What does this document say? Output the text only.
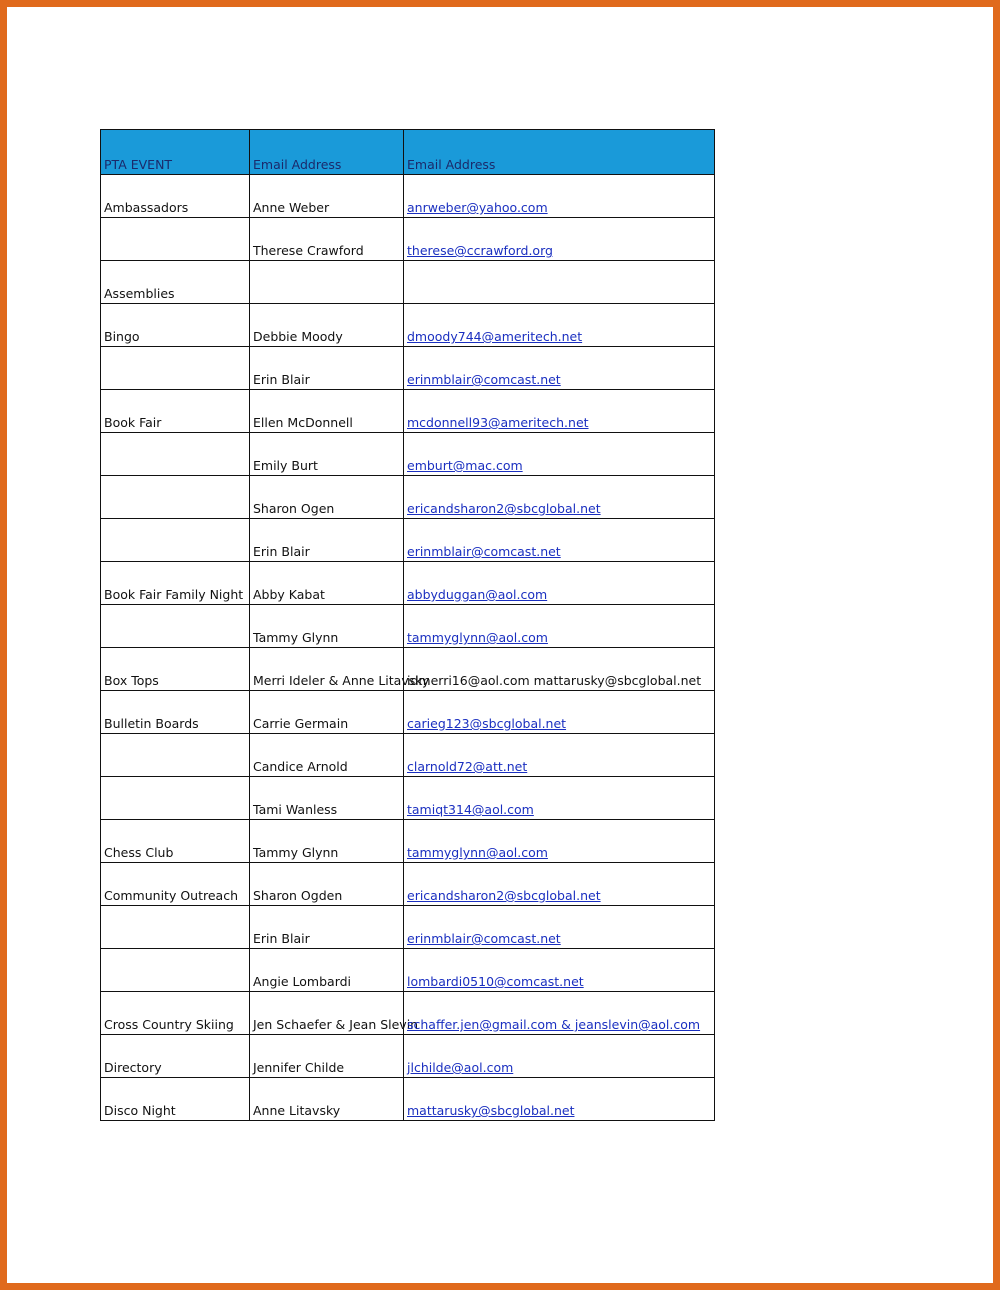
PTA EVENT	Email Address	Email Address
Ambassadors	Anne Weber	anrweber@yahoo.com
	Therese Crawford	therese@ccrawford.org
Assemblies		
Bingo	Debbie Moody	dmoody744@ameritech.net
	Erin Blair	erinmblair@comcast.net
Book Fair	Ellen McDonnell	mcdonnell93@ameritech.net
	Emily Burt	emburt@mac.com
	Sharon Ogen	ericandsharon2@sbcglobal.net
	Erin Blair	erinmblair@comcast.net
Book Fair Family Night	Abby Kabat	abbyduggan@aol.com
	Tammy Glynn	tammyglynn@aol.com
Box Tops	Merri Ideler & Anne Litavsky	idmerri16@aol.com mattarusky@sbcglobal.net
Bulletin Boards	Carrie Germain	carieg123@sbcglobal.net
	Candice Arnold	clarnold72@att.net
	Tami Wanless	tamiqt314@aol.com
Chess Club	Tammy Glynn	tammyglynn@aol.com
Community Outreach	Sharon Ogden	ericandsharon2@sbcglobal.net
	Erin Blair	erinmblair@comcast.net
	Angie Lombardi	lombardi0510@comcast.net
Cross Country Skiing	Jen Schaefer & Jean Slevin	schaffer.jen@gmail.com & jeanslevin@aol.com
Directory	Jennifer Childe	jlchilde@aol.com
Disco Night	Anne Litavsky	mattarusky@sbcglobal.net
